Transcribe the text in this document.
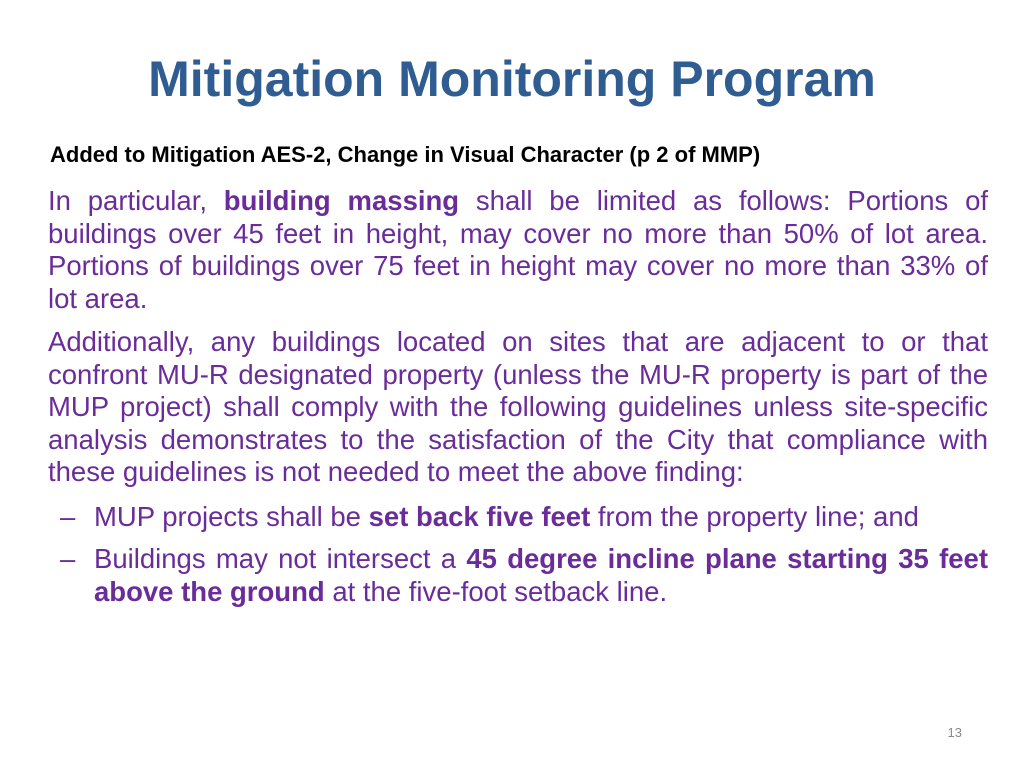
Mitigation Monitoring Program
Added to Mitigation AES-2, Change in Visual Character (p 2 of MMP)

In particular, building massing shall be limited as follows: Portions of buildings over 45 feet in height, may cover no more than 50% of lot area. Portions of buildings over 75 feet in height may cover no more than 33% of lot area.

Additionally, any buildings located on sites that are adjacent to or that confront MU-R designated property (unless the MU-R property is part of the MUP project) shall comply with the following guidelines unless site-specific analysis demonstrates to the satisfaction of the City that compliance with these guidelines is not needed to meet the above finding:

– MUP projects shall be set back five feet from the property line; and
– Buildings may not intersect a 45 degree incline plane starting 35 feet above the ground at the five-foot setback line.
13
